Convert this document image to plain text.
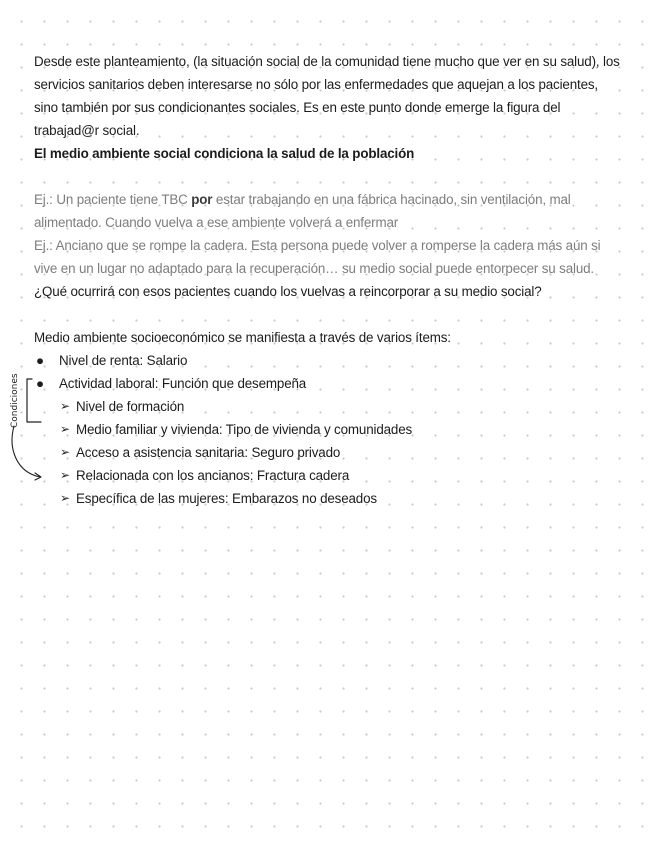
Desde este planteamiento, (la situación social de la comunidad tiene mucho que ver en su salud), los servicios sanitarios deben interesarse no sólo por las enfermedades que aquejan a los pacientes, sino también por sus condicionantes sociales. Es en este punto donde emerge la figura del trabajad@r social.

El medio ambiente social condiciona la salud de la población

Ej.: Un paciente tiene TBC por estar trabajando en una fábrica hacinado, sin ventilación, mal alimentado. Cuando vuelva a ese ambiente volverá a enfermar

Ej.: Anciano que se rompe la cadera. Esta persona puede volver a romperse la cadera más aún si vive en un lugar no adaptado para la recuperación… su medio social puede entorpecer su salud.

¿Qué ocurrirá con esos pacientes cuando los vuelvas a reincorporar a su medio social?

Medio ambiente socioeconómico se manifiesta a través de varios ítems:

● Nivel de renta: Salario
● Actividad laboral: Función que desempeña
➢ Nivel de formación
➢ Medio familiar y vivienda: Tipo de vivienda y comunidades
➢ Acceso a asistencia sanitaria: Seguro privado
➢ Relacionada con los ancianos: Fractura cadera
➢ Específica de las mujeres: Embarazos no deseados
Condiciones
